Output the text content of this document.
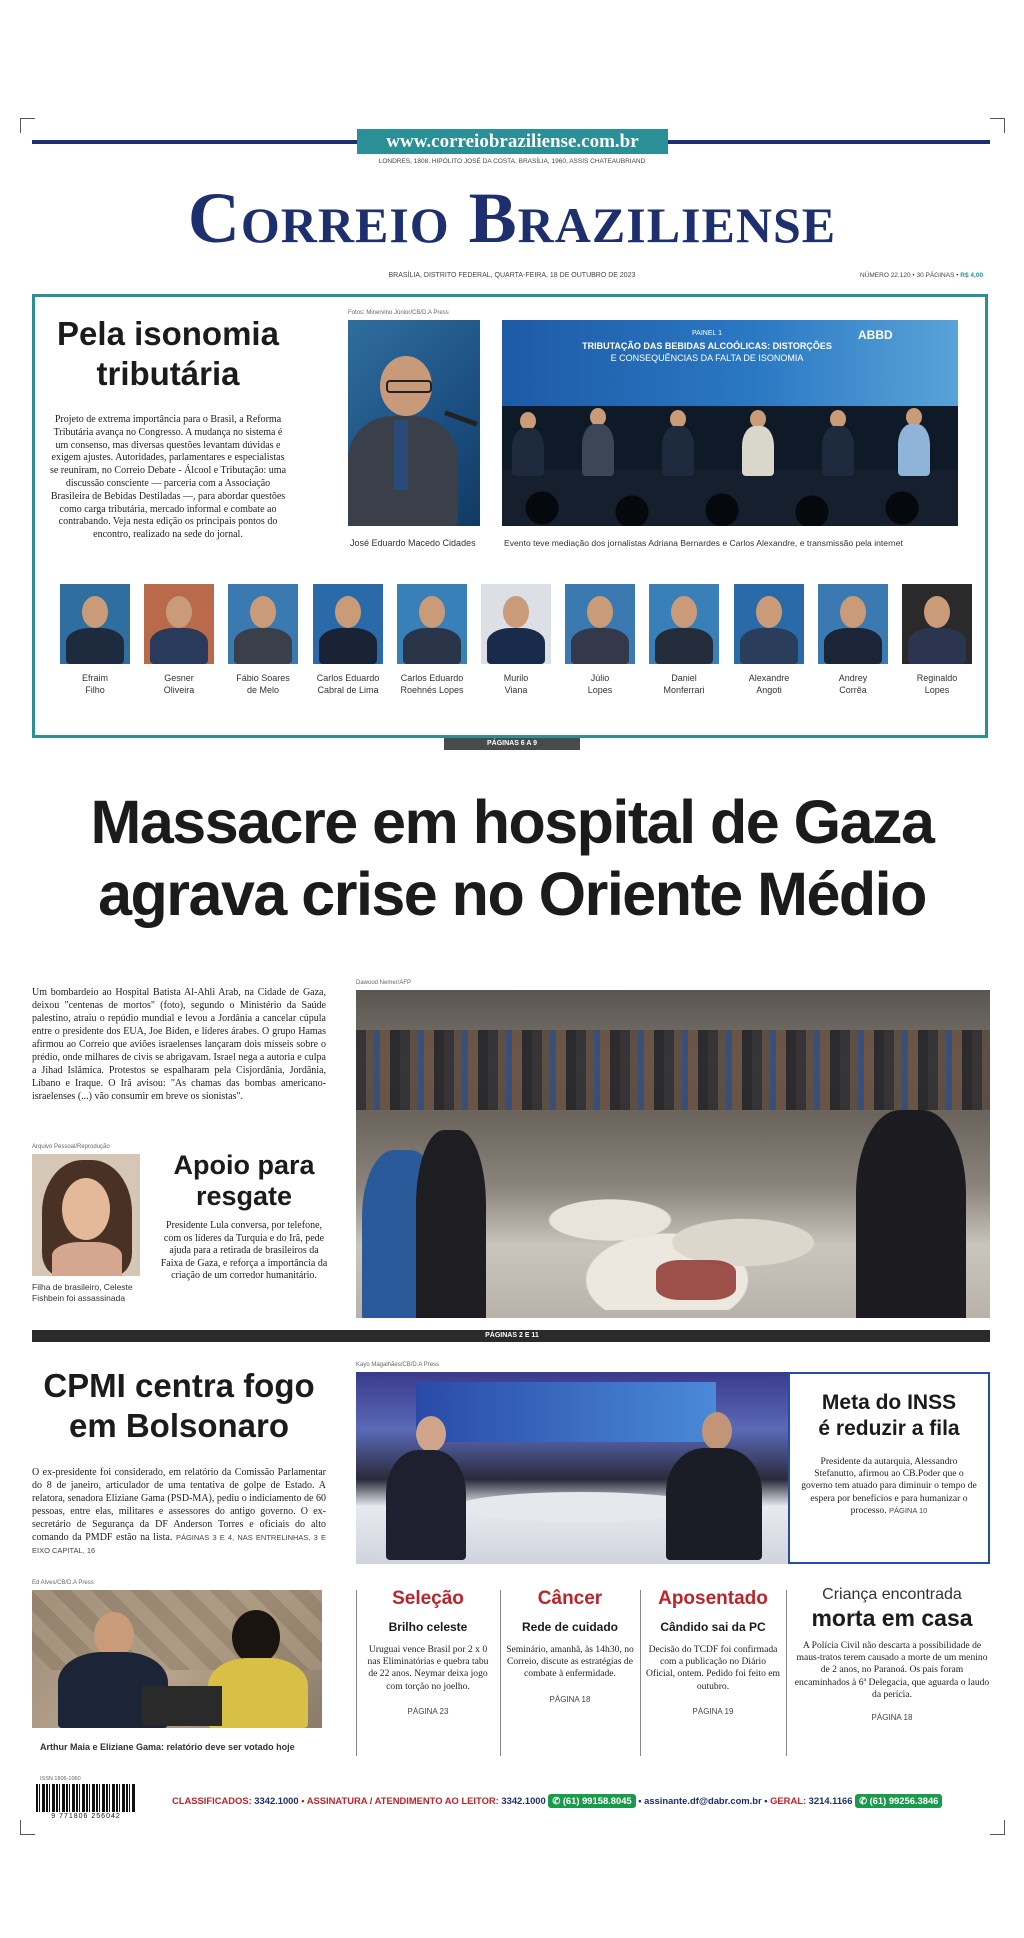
www.correiobraziliense.com.br
LONDRES, 1808, HIPÓLITO JOSÉ DA COSTA. BRASÍLIA, 1960, ASSIS CHATEAUBRIAND
Correio Braziliense
BRASÍLIA, DISTRITO FEDERAL, QUARTA-FEIRA, 18 DE OUTUBRO DE 2023	NÚMERO 22.120 • 30 PÁGINAS • R$ 4,00
Pela isonomia
tributária
Projeto de extrema importância para o Brasil, a Reforma Tributária avança no Congresso. A mudança no sistema é um consenso, mas diversas questões levantam dúvidas e exigem ajustes. Autoridades, parlamentares e especialistas se reuniram, no Correio Debate - Álcool e Tributação: uma discussão consciente — parceria com a Associação Brasileira de Bebidas Destiladas —, para abordar questões como carga tributária, mercado informal e combate ao contrabando. Veja nesta edição os principais pontos do encontro, realizado na sede do jornal.
Fotos: Minervino Júnior/CB/D.A Press
José Eduardo Macedo Cidades
PAINEL 1
TRIBUTAÇÃO DAS BEBIDAS ALCOÓLICAS: DISTORÇÕES
E CONSEQUÊNCIAS DA FALTA DE ISONOMIA
ABBD
Evento teve mediação dos jornalistas Adriana Bernardes e Carlos Alexandre, e transmissão pela internet
Efraim
Filho
Gesner
Oliveira
Fábio Soares
de Melo
Carlos Eduardo
Cabral de Lima
Carlos Eduardo
Roehnés Lopes
Murilo
Viana
Júlio
Lopes
Daniel
Monferrari
Alexandre
Angoti
Andrey
Corrêa
Reginaldo
Lopes
PÁGINAS 6 A 9
Massacre em hospital de Gaza
agrava crise no Oriente Médio
Um bombardeio ao Hospital Batista Al-Ahli Arab, na Cidade de Gaza, deixou "centenas de mortos" (foto), segundo o Ministério da Saúde palestino, atraiu o repúdio mundial e levou a Jordânia a cancelar cúpula entre o presidente dos EUA, Joe Biden, e líderes árabes. O grupo Hamas afirmou ao Correio que aviões israelenses lançaram dois mísseis sobre o prédio, onde milhares de civis se abrigavam. Israel nega a autoria e culpa a Jihad Islâmica. Protestos se espalharam pela Cisjordânia, Jordânia, Líbano e Iraque. O Irã avisou: "As chamas das bombas americano-israelenses (...) vão consumir em breve os sionistas".
Arquivo Pessoal/Reprodução
Filha de brasileiro, Celeste Fishbein foi assassinada
Apoio para
resgate
Presidente Lula conversa, por telefone, com os líderes da Turquia e do Irã, pede ajuda para a retirada de brasileiros da Faixa de Gaza, e reforça a importância da criação de um corredor humanitário.
Dawood Nemer/AFP
PÁGINAS 2 E 11
CPMI centra fogo
em Bolsonaro
O ex-presidente foi considerado, em relatório da Comissão Parlamentar do 8 de janeiro, articulador de uma tentativa de golpe de Estado. A relatora, senadora Eliziane Gama (PSD-MA), pediu o indiciamento de 60 pessoas, entre elas, militares e assessores do antigo governo. O ex-secretário de Segurança da DF Anderson Torres e oficiais do alto comando da PMDF estão na lista. PÁGINAS 3 E 4, NAS ENTRELINHAS, 3 E EIXO CAPITAL, 16
Ed Alves/CB/D.A Press
Arthur Maia e Eliziane Gama: relatório deve ser votado hoje
Kayo Magalhães/CB/D.A Press
Meta do INSS
é reduzir a fila
Presidente da autarquia, Alessandro Stefanutto, afirmou ao CB.Poder que o governo tem atuado para diminuir o tempo de espera por benefícios e para humanizar o processo. PÁGINA 10
Seleção
Brilho celeste
Uruguai vence Brasil por 2 x 0 nas Eliminatórias e quebra tabu de 22 anos. Neymar deixa jogo com torção no joelho.
PÁGINA 23
Câncer
Rede de cuidado
Seminário, amanhã, às 14h30, no Correio, discute as estratégias de combate à enfermidade.
PÁGINA 18
Aposentado
Cândido sai da PC
Decisão do TCDF foi confirmada com a publicação no Diário Oficial, ontem. Pedido foi feito em outubro.
PÁGINA 19
Criança encontrada
morta em casa
A Polícia Civil não descarta a possibilidade de maus-tratos terem causado a morte de um menino de 2 anos, no Paranoá. Os pais foram encaminhados à 6ª Delegacia, que aguarda o laudo da perícia.
PÁGINA 18
ISSN 1806-1060
9 771806 256042
CLASSIFICADOS: 3342.1000 • ASSINATURA / ATENDIMENTO AO LEITOR: 3342.1000 ✆ (61) 99158.8045 • assinante.df@dabr.com.br • GERAL: 3214.1166 ✆ (61) 99256.3846
